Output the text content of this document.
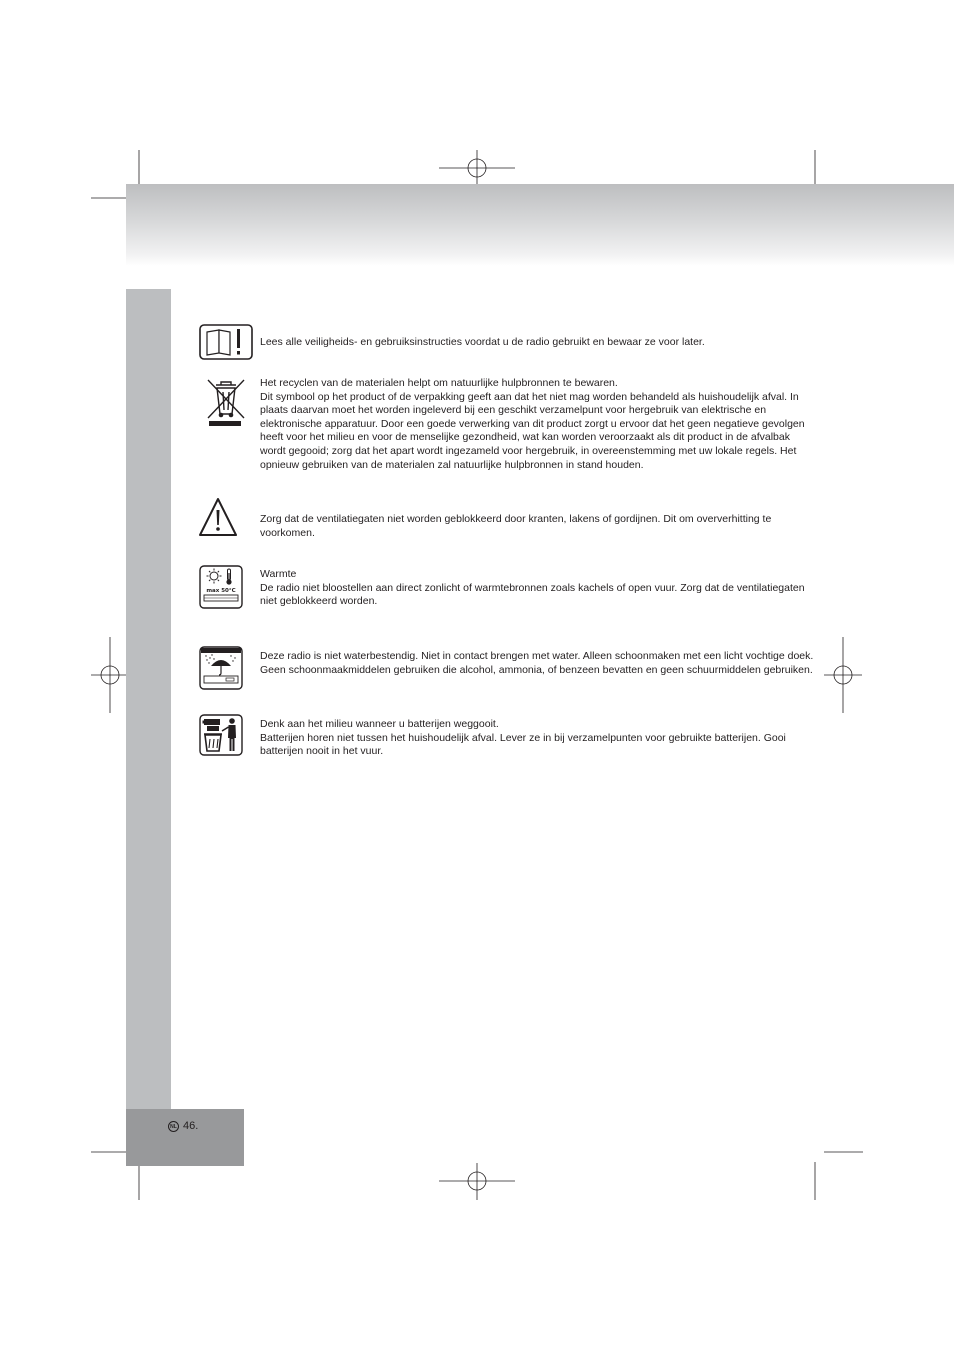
NL 46.

Lees alle veiligheids- en gebruiksinstructies voordat u de radio gebruikt en bewaar ze voor later.

Het recyclen van de materialen helpt om natuurlijke hulpbronnen te bewaren.

Dit symbool op het product of de verpakking geeft aan dat het niet mag worden behandeld als huishoudelijk afval. In plaats daarvan moet het worden ingeleverd bij een geschikt verzamelpunt voor hergebruik van elektrische en elektronische apparatuur. Door een goede verwerking van dit product zorgt u ervoor dat het geen negatieve gevolgen heeft voor het milieu en voor de menselijke gezondheid, wat kan worden veroorzaakt als dit product in de afvalbak wordt gegooid; zorg dat het apart wordt ingezameld voor hergebruik, in overeenstemming met uw lokale regels. Het opnieuw gebruiken van de materialen zal natuurlijke hulpbronnen in stand houden.

Zorg dat de ventilatiegaten niet worden geblokkeerd door kranten, lakens of gordijnen. Dit om oververhitting te voorkomen.

max 50°C

Warmte

De radio niet bloostellen aan direct zonlicht of warmtebronnen zoals kachels of open vuur. Zorg dat de ventilatiegaten niet geblokkeerd worden.

Deze radio is niet waterbestendig. Niet in contact brengen met water. Alleen schoonmaken met een licht vochtige doek. Geen schoonmaakmiddelen gebruiken die alcohol, ammonia, of benzeen bevatten en geen schuurmiddelen gebruiken.

Denk aan het milieu wanneer u batterijen weggooit.

Batterijen horen niet tussen het huishoudelijk afval. Lever ze in bij verzamelpunten voor gebruikte batterijen. Gooi batterijen nooit in het vuur.
